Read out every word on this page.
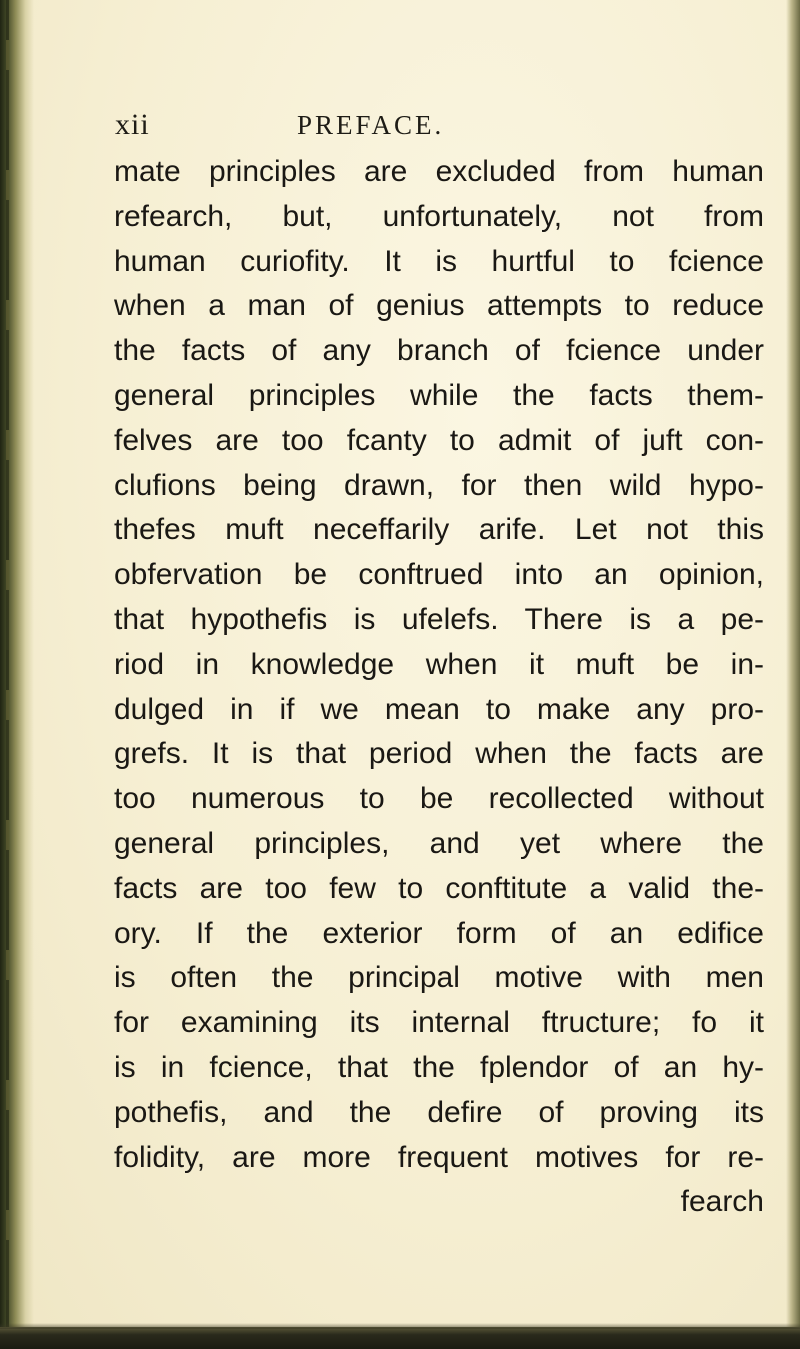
xii	PREFACE.
mate principles are excluded from human
refearch, but, unfortunately, not from
human curiofity. It is hurtful to fcience
when a man of genius attempts to reduce
the facts of any branch of fcience under
general principles while the facts them-
felves are too fcanty to admit of juft con-
clufions being drawn, for then wild hypo-
thefes muft neceffarily arife. Let not this
obfervation be conftrued into an opinion,
that hypothefis is ufelefs. There is a pe-
riod in knowledge when it muft be in-
dulged in if we mean to make any pro-
grefs. It is that period when the facts are
too numerous to be recollected without
general principles, and yet where the
facts are too few to conftitute a valid the-
ory. If the exterior form of an edifice
is often the principal motive with men
for examining its internal ftructure; fo it
is in fcience, that the fplendor of an hy-
pothefis, and the defire of proving its
folidity, are more frequent motives for re-
fearch
